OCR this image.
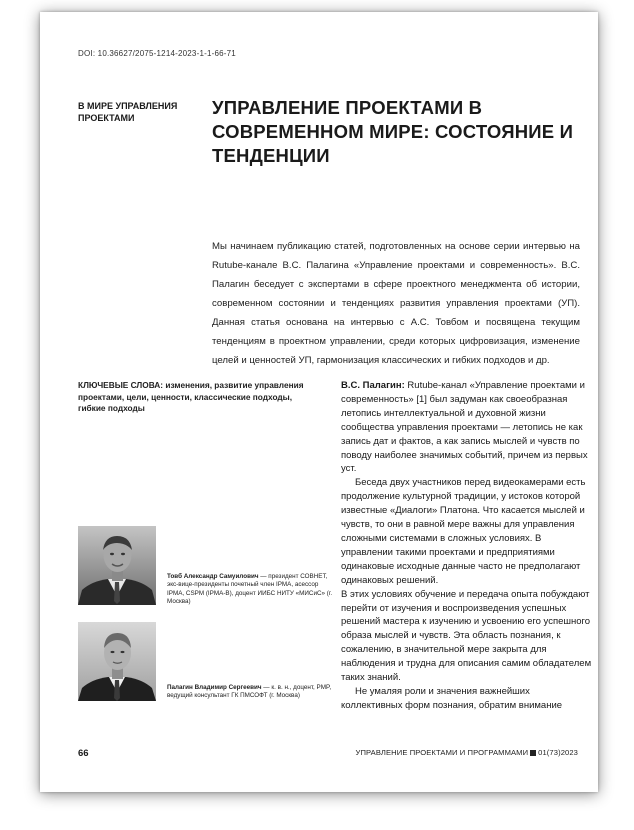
DOI: 10.36627/2075-1214-2023-1-1-66-71
В МИРЕ УПРАВЛЕНИЯ ПРОЕКТАМИ	УПРАВЛЕНИЕ ПРОЕКТАМИ В СОВРЕМЕННОМ МИРЕ: СОСТОЯНИЕ И ТЕНДЕНЦИИ
Мы начинаем публикацию статей, подготовленных на основе серии интервью на Rutube-канале В.С. Палагина «Управление проектами и современность». В.С. Палагин беседует с экспертами в сфере проектного менеджмента об истории, современном состоянии и тенденциях развития управления проектами (УП). Данная статья основана на интервью с А.С. Товбом и посвящена текущим тенденциям в проектном управлении, среди которых цифровизация, изменение целей и ценностей УП, гармонизация классических и гибких подходов и др.
КЛЮЧЕВЫЕ СЛОВА: изменения, развитие управления проектами, цели, ценности, классические подходы, гибкие подходы

В.С. Палагин: Rutube-канал «Управление проектами и современность» [1] был задуман как своеобразная летопись интеллектуальной и духовной жизни сообщества управления проектами — летопись не как запись дат и фактов, а как запись мыслей и чувств по поводу наиболее значимых событий, причем из первых уст.

Беседа двух участников перед видеокамерами есть продолжение культурной традиции, у истоков которой известные «Диалоги» Платона. Что касается мыслей и чувств, то они в равной мере важны для управления сложными системами в сложных условиях. В управлении такими проектами и предприятиями одинаковые исходные данные часто не предполагают одинаковых решений.

В этих условиях обучение и передача опыта побуждают перейти от изучения и воспроизведения успешных решений мастера к изучению и усвоению его успешного образа мыслей и чувств. Эта область познания, к сожалению, в значительной мере закрыта для наблюдения и трудна для описания самим обладателем таких знаний.

Не умаляя роли и значения важнейших коллективных форм познания, обратим внимание

Товб Александр Самуилович — президент СОВНЕТ, экс-вице-президенты почетный член IPMA, асессор IPMA, CSPM (IPMA-B), доцент ИИБС НИТУ «МИСиС» (г. Москва)
Палагин Владимир Сергеевич — к. в. н., доцент, PMP, ведущий консультант ГК ПМСОФТ (г. Москва)
66	УПРАВЛЕНИЕ ПРОЕКТАМИ И ПРОГРАММАМИ 01(73)2023
